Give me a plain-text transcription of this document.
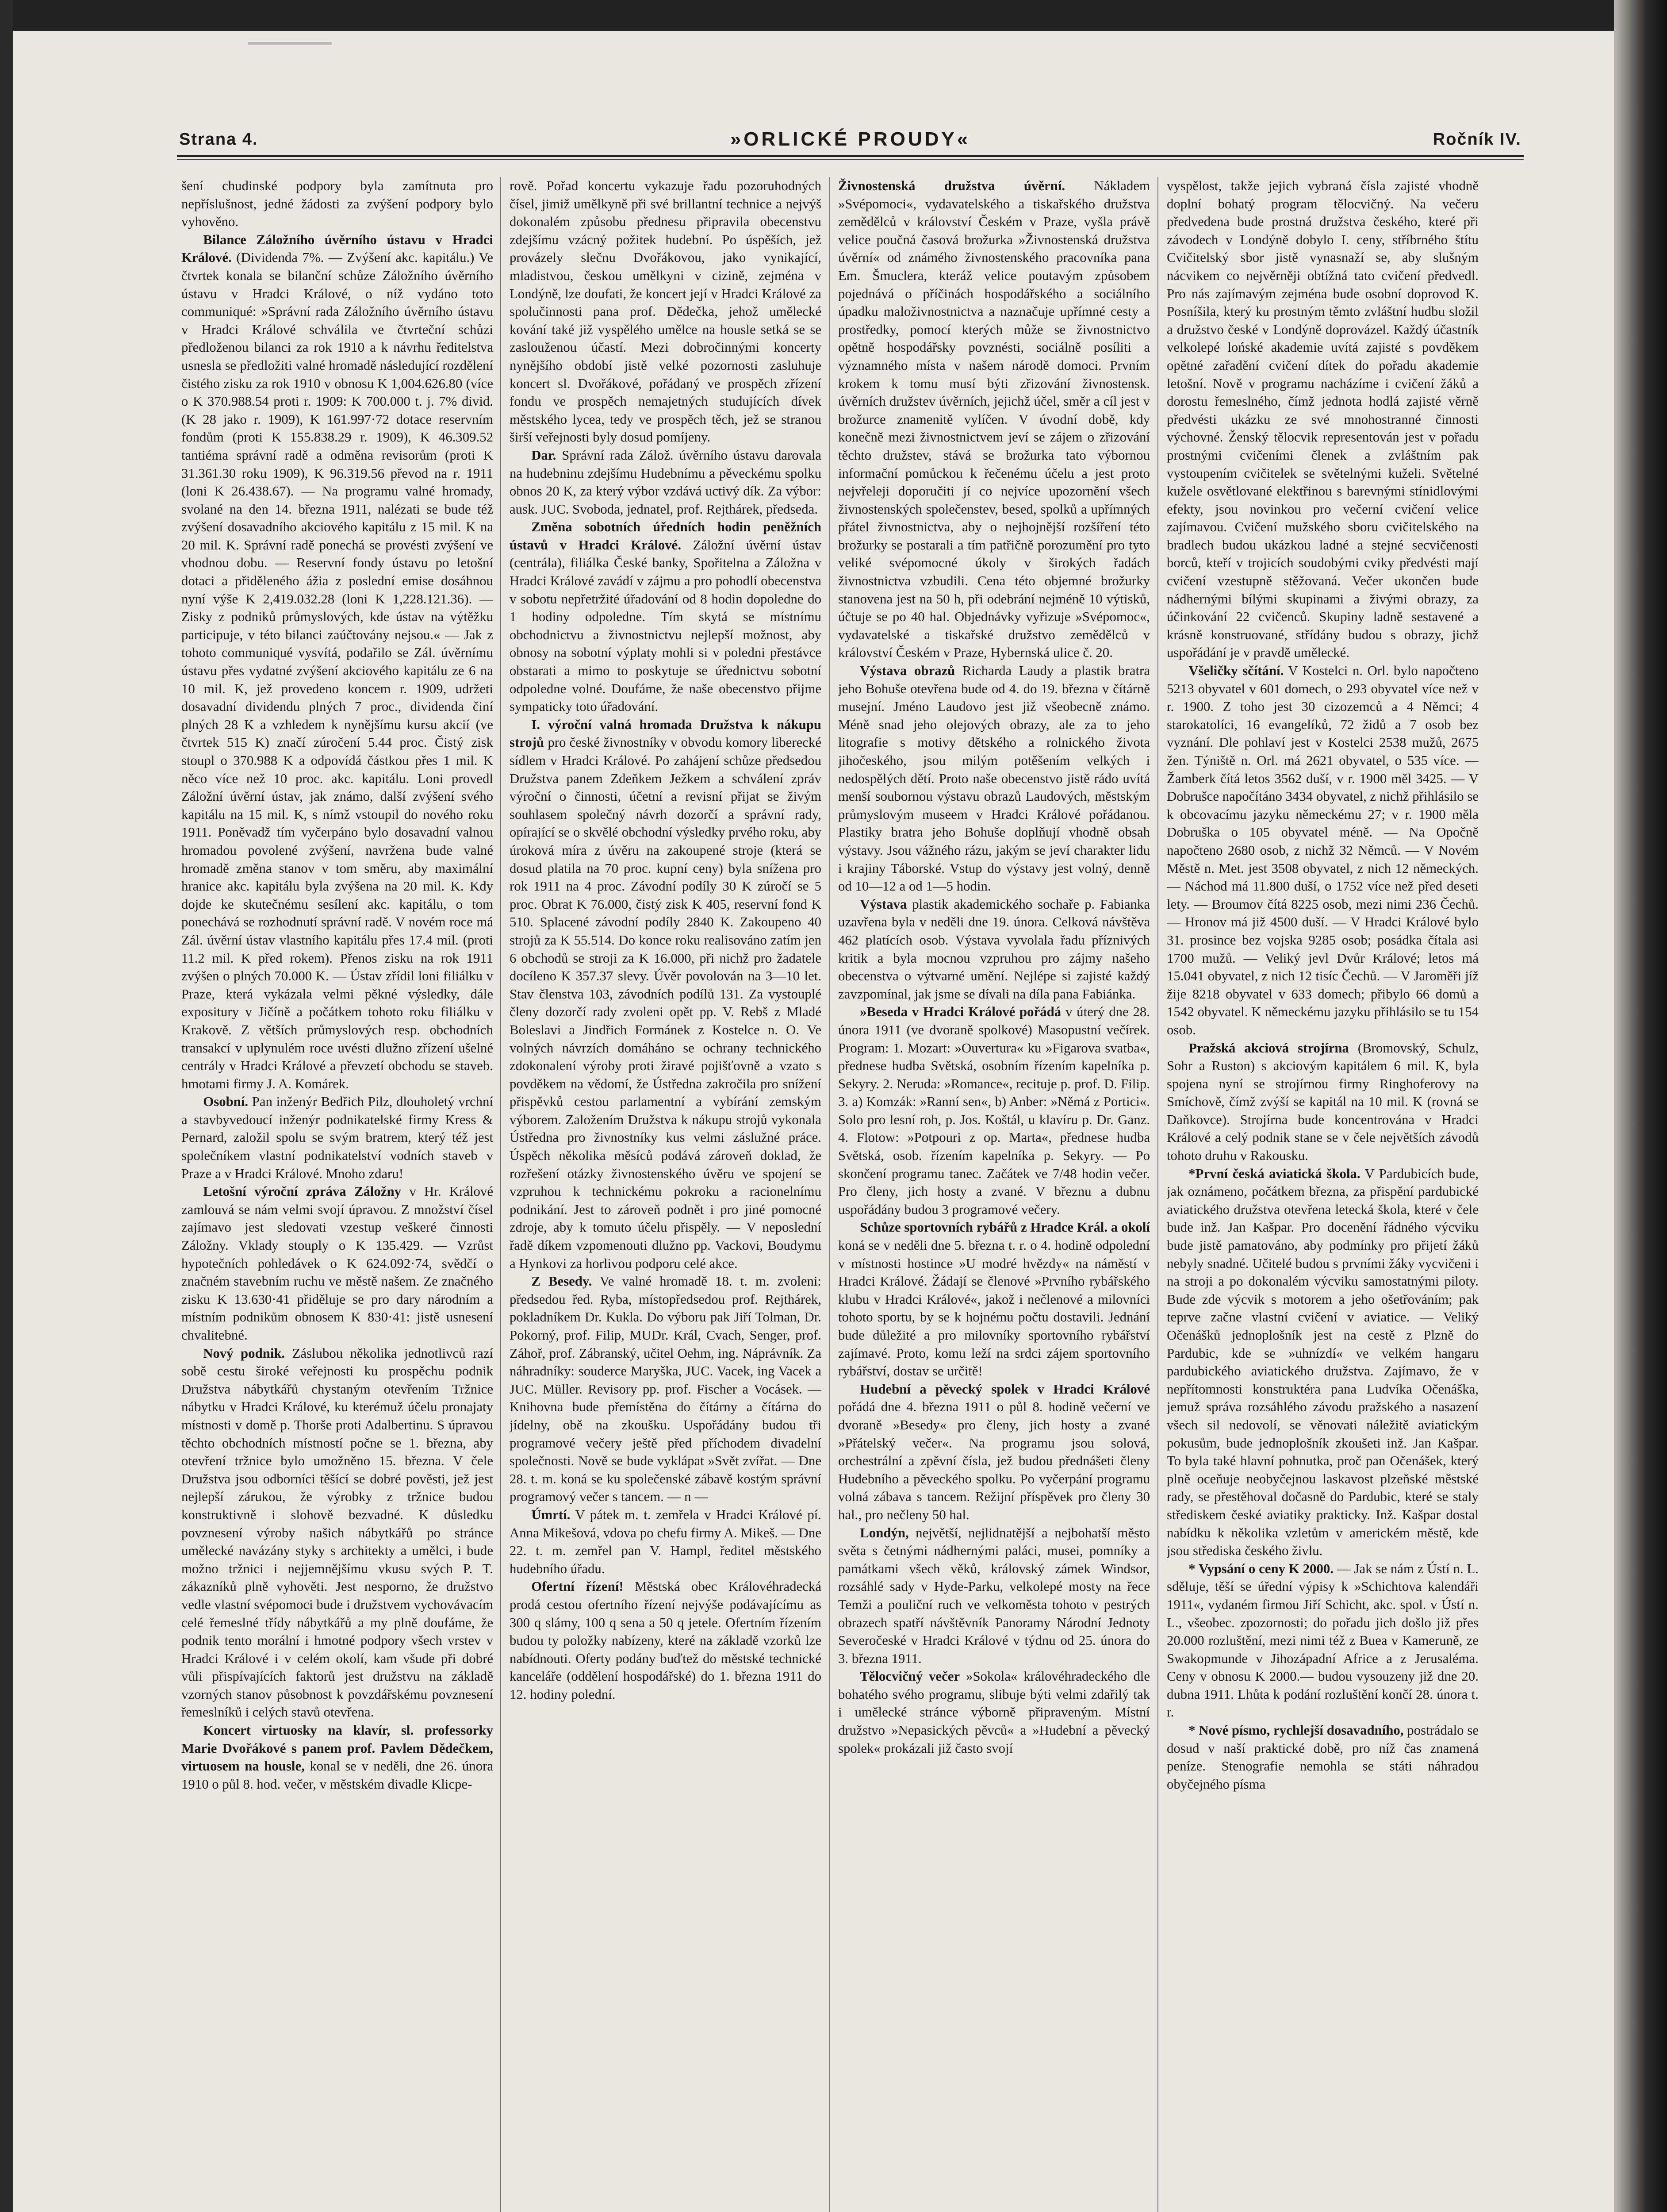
Strana 4.	»ORLICKÉ PROUDY«	Ročník IV.

šení chudinské podpory byla zamítnuta pro nepříslušnost, jedné žádosti za zvýšení podpory bylo vyhověno.

Bilance Záložního úvěrního ústavu v Hradci Králové. (Dividenda 7%. — Zvýšení akc. kapitálu.) Ve čtvrtek konala se bilanční schůze Záložního úvěrního ústavu v Hradci Králové, o níž vydáno toto communiqué: »Správní rada Záložního úvěrního ústavu v Hradci Králové schválila ve čtvrteční schůzi předloženou bilanci za rok 1910 a k návrhu ředitelstva usnesla se předložiti valné hromadě následující rozdělení čistého zisku za rok 1910 v obnosu K 1,004.626.80 (více o K 370.988.54 proti r. 1909: K 700.000 t. j. 7% divid. (K 28 jako r. 1909), K 161.997·72 dotace reservním fondům (proti K 155.838.29 r. 1909), K 46.309.52 tantiéma správní radě a odměna revisorům (proti K 31.361.30 roku 1909), K 96.319.56 převod na r. 1911 (loni K 26.438.67). — Na programu valné hromady, svolané na den 14. března 1911, nalézati se bude též zvýšení dosavadního akciového kapitálu z 15 mil. K na 20 mil. K. Správní radě ponechá se provésti zvýšení ve vhodnou dobu. — Reservní fondy ústavu po letošní dotaci a přiděleného ážia z poslední emise dosáhnou nyní výše K 2,419.032.28 (loni K 1,228.121.36). — Zisky z podniků průmyslových, kde ústav na výtěžku participuje, v této bilanci zaúčtovány nejsou.« — Jak z tohoto communiqué vysvítá, podařilo se Zál. úvěrnímu ústavu přes vydatné zvýšení akciového kapitálu ze 6 na 10 mil. K, jež provedeno koncem r. 1909, udržeti dosavadní dividendu plných 7 proc., dividenda činí plných 28 K a vzhledem k nynějšímu kursu akcií (ve čtvrtek 515 K) značí zúročení 5.44 proc. Čistý zisk stoupl o 370.988 K a odpovídá částkou přes 1 mil. K něco více než 10 proc. akc. kapitálu. Loni provedl Záložní úvěrní ústav, jak známo, další zvýšení svého kapitálu na 15 mil. K, s nímž vstoupil do nového roku 1911. Poněvadž tím vyčerpáno bylo dosavadní valnou hromadou povolené zvýšení, navržena bude valné hromadě změna stanov v tom směru, aby maximální hranice akc. kapitálu byla zvýšena na 20 mil. K. Kdy dojde ke skutečnému sesílení akc. kapitálu, o tom ponechává se rozhodnutí správní radě. V novém roce má Zál. úvěrní ústav vlastního kapitálu přes 17.4 mil. (proti 11.2 mil. K před rokem). Přenos zisku na rok 1911 zvýšen o plných 70.000 K. — Ústav zřídil loni filiálku v Praze, která vykázala velmi pěkné výsledky, dále expositury v Jičíně a počátkem tohoto roku filiálku v Krakově. Z větších průmyslových resp. obchodních transakcí v uplynulém roce uvésti dlužno zřízení ušelné centrály v Hradci Králové a převzetí obchodu se staveb. hmotami firmy J. A. Komárek.

Osobní. Pan inženýr Bedřich Pilz, dlouholetý vrchní a stavbyvedoucí inženýr podnikatelské firmy Kress & Pernard, založil spolu se svým bratrem, který též jest společníkem vlastní podnikatelství vodních staveb v Praze a v Hradci Králové. Mnoho zdaru!

Letošní výroční zpráva Záložny v Hr. Králové zamlouvá se nám velmi svojí úpravou. Z množství čísel zajímavo jest sledovati vzestup veškeré činnosti Záložny. Vklady stouply o K 135.429. — Vzrůst hypotečních pohledávek o K 624.092·74, svědčí o značném stavebním ruchu ve městě našem. Ze značného zisku K 13.630·41 přiděluje se pro dary národním a místním podnikům obnosem K 830·41: jistě usnesení chvalitebné.

Nový podnik. Záslubou několika jednotlivců razí sobě cestu široké veřejnosti ku prospěchu podnik Družstva nábytkářů chystaným otevřením Tržnice nábytku v Hradci Králové, ku kterémuž účelu pronajaty místnosti v domě p. Thorše proti Adalbertinu. S úpravou těchto obchodních místností počne se 1. března, aby otevření tržnice bylo umožněno 15. března. V čele Družstva jsou odborníci těšící se dobré pověsti, jež jest nejlepší zárukou, že výrobky z tržnice budou konstruktivně i slohově bezvadné. K důsledku povznesení výroby našich nábytkářů po stránce umělecké navázány styky s architekty a umělci, i bude možno tržnici i nejjemnějšímu vkusu svých P. T. zákazníků plně vyhověti. Jest nesporno, že družstvo vedle vlastní svépomoci bude i družstvem vychovávacím celé řemeslné třídy nábytkářů a my plně doufáme, že podnik tento morální i hmotné podpory všech vrstev v Hradci Králové i v celém okolí, kam všude při dobré vůli přispívajících faktorů jest družstvu na základě vzorných stanov působnost k povzdářskému povznesení řemeslníků i celých stavů otevřena.

Koncert virtuosky na klavír, sl. professorky Marie Dvořákové s panem prof. Pavlem Dědečkem, virtuosem na housle, konal se v neděli, dne 26. února 1910 o půl 8. hod. večer, v městském divadle Klicpe-

rově. Pořad koncertu vykazuje řadu pozoruhodných čísel, jimiž umělkyně při své brillantní technice a nejvýš dokonalém způsobu přednesu připravila obecenstvu zdejšímu vzácný požitek hudební. Po úspěších, jež provázely slečnu Dvořákovou, jako vynikající, mladistvou, českou umělkyni v cizině, zejména v Londýně, lze doufati, že koncert její v Hradci Králové za spolučinnosti pana prof. Dědečka, jehož umělecké kování také již vyspělého umělce na housle setká se se zaslouženou účastí. Mezi dobročinnými koncerty nynějšího období jistě velké pozornosti zasluhuje koncert sl. Dvořákové, pořádaný ve prospěch zřízení fondu ve prospěch nemajetných studujících dívek městského lycea, tedy ve prospěch těch, jež se stranou širší veřejnosti byly dosud pomíjeny.

Dar. Správní rada Zálož. úvěrního ústavu darovala na hudebninu zdejšímu Hudebnímu a pěveckému spolku obnos 20 K, za který výbor vzdává uctivý dík. Za výbor: ausk. JUC. Svoboda, jednatel, prof. Rejthárek, předseda.

Změna sobotních úředních hodin peněžních ústavů v Hradci Králové. Záložní úvěrní ústav (centrála), filiálka České banky, Spořitelna a Záložna v Hradci Králové zavádí v zájmu a pro pohodlí obecenstva v sobotu nepřetržité úřadování od 8 hodin dopoledne do 1 hodiny odpoledne. Tím skytá se místnímu obchodnictvu a živnostnictvu nejlepší možnost, aby obnosy na sobotní výplaty mohli si v poledni přestávce obstarati a mimo to poskytuje se úřednictvu sobotní odpoledne volné. Doufáme, že naše obecenstvo přijme sympaticky toto úřadování.

I. výroční valná hromada Družstva k nákupu strojů pro české živnostníky v obvodu komory liberecké sídlem v Hradci Králové. Po zahájení schůze předsedou Družstva panem Zdeňkem Ježkem a schválení zpráv výroční o činnosti, účetní a revisní přijat se živým souhlasem společný návrh dozorčí a správní rady, opírající se o skvělé obchodní výsledky prvého roku, aby úroková míra z úvěru na zakoupené stroje (která se dosud platila na 70 proc. kupní ceny) byla snížena pro rok 1911 na 4 proc. Závodní podíly 30 K zúročí se 5 proc. Obrat K 76.000, čistý zisk K 405, reservní fond K 510. Splacené závodní podíly 2840 K. Zakoupeno 40 strojů za K 55.514. Do konce roku realisováno zatím jen 6 obchodů se stroji za K 16.000, při nichž pro žadatele docíleno K 357.37 slevy. Úvěr povolován na 3—10 let. Stav členstva 103, závodních podílů 131. Za vystouplé členy dozorčí rady zvoleni opět pp. V. Rebš z Mladé Boleslavi a Jindřich Formánek z Kostelce n. O. Ve volných návrzích domáháno se ochrany technického zdokonalení výroby proti žiravé pojišťovně a vzato s povděkem na vědomí, že Ústředna zakročila pro snížení přispěvků cestou parlamentní a vybírání zemským výborem. Založením Družstva k nákupu strojů vykonala Ústředna pro živnostníky kus velmi záslužné práce. Úspěch několika měsíců podává zároveň doklad, že rozřešení otázky živnostenského úvěru ve spojení se vzpruhou k technickému pokroku a racionelnímu podnikání. Jest to zároveň podnět i pro jiné pomocné zdroje, aby k tomuto účelu přispěly. — V neposlední řadě díkem vzpomenouti dlužno pp. Vackovi, Boudymu a Hynkovi za horlivou podporu celé akce.

Z Besedy. Ve valné hromadě 18. t. m. zvoleni: předsedou řed. Ryba, místopředsedou prof. Rejthárek, pokladníkem Dr. Kukla. Do výboru pak Jiří Tolman, Dr. Pokorný, prof. Filip, MUDr. Král, Cvach, Senger, prof. Záhoř, prof. Zábranský, učitel Oehm, ing. Náprávník. Za náhradníky: souderce Maryška, JUC. Vacek, ing Vacek a JUC. Müller. Revisory pp. prof. Fischer a Vocásek. — Knihovna bude přemístěna do čítárny a čítárna do jídelny, obě na zkoušku. Uspořádány budou tři programové večery ještě před příchodem divadelní společnosti. Nově se bude vyklápat »Svět zvířat. — Dne 28. t. m. koná se ku společenské zábavě kostým správní programový večer s tancem. — n —

Úmrtí. V pátek m. t. zemřela v Hradci Králové pí. Anna Mikešová, vdova po chefu firmy A. Mikeš. — Dne 22. t. m. zemřel pan V. Hampl, ředitel městského hudebního úřadu.

Ofertní řízení! Městská obec Královéhradecká prodá cestou ofertního řízení nejvýše podávajícímu as 300 q slámy, 100 q sena a 50 q jetele. Ofertním řízením budou ty položky nabízeny, které na základě vzorků lze nabídnouti. Oferty podány buďtež do městské technické kanceláře (oddělení hospodářské) do 1. března 1911 do 12. hodiny polední.

Živnostenská družstva úvěrní. Nákladem »Svépomoci«, vydavatelského a tiskařského družstva zemědělců v království Českém v Praze, vyšla právě velice poučná časová brožurka »Živnostenská družstva úvěrní« od známého živnostenského pracovníka pana Em. Šmuclera, kteráž velice poutavým způsobem pojednává o příčinách hospodářského a sociálního úpadku maloživnostnictva a naznačuje upřímné cesty a prostředky, pomocí kterých může se živnostnictvo opětně hospodářsky povznésti, sociálně posíliti a významného místa v našem národě domoci. Prvním krokem k tomu musí býti zřizování živnostensk. úvěrních družstev úvěrních, jejichž účel, směr a cíl jest v brožurce znamenitě vylíčen. V úvodní době, kdy konečně mezi živnostnictvem jeví se zájem o zřizování těchto družstev, stává se brožurka tato výbornou informační pomůckou k řečenému účelu a jest proto nejvřeleji doporučiti jí co nejvíce upozornění všech živnostenských společenstev, besed, spolků a upřímných přátel živnostnictva, aby o nejhojnější rozšíření této brožurky se postarali a tím patřičně porozumění pro tyto veliké svépomocné úkoly v širokých řadách živnostnictva vzbudili. Cena této objemné brožurky stanovena jest na 50 h, při odebrání nejméně 10 výtisků, účtuje se po 40 hal. Objednávky vyřizuje »Svépomoc«, vydavatelské a tiskařské družstvo zemědělců v království Českém v Praze, Hybernská ulice č. 20.

Výstava obrazů Richarda Laudy a plastik bratra jeho Bohuše otevřena bude od 4. do 19. března v čítárně musejní. Jméno Laudovo jest již všeobecně známo. Méně snad jeho olejových obrazy, ale za to jeho litografie s motivy dětského a rolnického života jihočeského, jsou milým potěšením velkých i nedospělých dětí. Proto naše obecenstvo jistě rádo uvítá menší soubornou výstavu obrazů Laudových, městským průmyslovým museem v Hradci Králové pořádanou. Plastiky bratra jeho Bohuše doplňují vhodně obsah výstavy. Jsou vážného rázu, jakým se jeví charakter lidu i krajiny Táborské. Vstup do výstavy jest volný, denně od 10—12 a od 1—5 hodin.

Výstava plastik akademického sochaře p. Fabianka uzavřena byla v neděli dne 19. února. Celková návštěva 462 platících osob. Výstava vyvolala řadu příznivých kritik a byla mocnou vzpruhou pro zájmy našeho obecenstva o výtvarné umění. Nejlépe si zajisté každý zavzpomínal, jak jsme se dívali na díla pana Fabiánka.

»Beseda v Hradci Králové pořádá v úterý dne 28. února 1911 (ve dvoraně spolkové) Masopustní večírek. Program: 1. Mozart: »Ouvertura« ku »Figarova svatba«, přednese hudba Světská, osobním řízením kapelníka p. Sekyry. 2. Neruda: »Romance«, recituje p. prof. D. Filip. 3. a) Komzák: »Ranní sen«, b) Anber: »Němá z Portici«. Solo pro lesní roh, p. Jos. Koštál, u klavíru p. Dr. Ganz. 4. Flotow: »Potpouri z op. Marta«, přednese hudba Světská, osob. řízením kapelníka p. Sekyry. — Po skončení programu tanec. Začátek ve 7/48 hodin večer. Pro členy, jich hosty a zvané. V březnu a dubnu uspořádány budou 3 programové večery.

Schůze sportovních rybářů z Hradce Král. a okolí koná se v neděli dne 5. března t. r. o 4. hodině odpolední v místnosti hostince »U modré hvězdy« na náměstí v Hradci Králové. Žádají se členové »Prvního rybářského klubu v Hradci Králové«, jakož i nečlenové a milovníci tohoto sportu, by se k hojnému počtu dostavili. Jednání bude důležité a pro milovníky sportovního rybářství zajímavé. Proto, komu leží na srdci zájem sportovního rybářství, dostav se určitě!

Hudební a pěvecký spolek v Hradci Králové pořádá dne 4. března 1911 o půl 8. hodině večerní ve dvoraně »Besedy« pro členy, jich hosty a zvané »Přátelský večer«. Na programu jsou solová, orchestrální a zpěvní čísla, jež budou přednášeti členy Hudebního a pěveckého spolku. Po vyčerpání programu volná zábava s tancem. Režijní příspěvek pro členy 30 hal., pro nečleny 50 hal.

Londýn, největší, nejlidnatější a nejbohatší město světa s četnými nádhernými paláci, musei, pomníky a památkami všech věků, královský zámek Windsor, rozsáhlé sady v Hyde-Parku, velkolepé mosty na řece Temži a pouliční ruch ve velkoměsta tohoto v pestrých obrazech spatří návštěvník Panoramy Národní Jednoty Severočeské v Hradci Králové v týdnu od 25. února do 3. března 1911.

Tělocvičný večer »Sokola« královéhradeckého dle bohatého svého programu, slibuje býti velmi zdařilý tak i umělecké stránce výborně připraveným. Místní družstvo »Nepasických pěvců« a »Hudební a pěvecký spolek« prokázali již často svojí

vyspělost, takže jejich vybraná čísla zajisté vhodně doplní bohatý program tělocvičný. Na večeru předvedena bude prostná družstva českého, které při závodech v Londýně dobylo I. ceny, stříbrného štítu Cvičitelský sbor jistě vynasnaží se, aby slušným nácvikem co nejvěrněji obtížná tato cvičení předvedl. Pro nás zajímavým zejména bude osobní doprovod K. Posníšila, který ku prostným těmto zvláštní hudbu složil a družstvo české v Londýně doprovázel. Každý účastník velkolepé lońské akademie uvítá zajisté s povděkem opětné zařadění cvičení dítek do pořadu akademie letošní. Nově v programu nacházíme i cvičení žáků a dorostu řemeslného, čímž jednota hodlá zajisté věrně předvésti ukázku ze své mnohostranné činnosti výchovné. Ženský tělocvik representován jest v pořadu prostnými cvičeními členek a zvláštním pak vystoupením cvičitelek se světelnými kuželi. Světelné kužele osvětlované elektřinou s barevnými stínidlovými efekty, jsou novinkou pro večerní cvičení velice zajímavou. Cvičení mužského sboru cvičitelského na bradlech budou ukázkou ladné a stejné secvičenosti borců, kteří v trojicích soudobými cviky předvésti mají cvičení vzestupně stěžovaná. Večer ukončen bude nádhernými bílými skupinami a živými obrazy, za účinkování 22 cvičenců. Skupiny ladně sestavené a krásně konstruované, střídány budou s obrazy, jichž uspořádání je v pravdě umělecké.

Všeličky sčítání. V Kostelci n. Orl. bylo napočteno 5213 obyvatel v 601 domech, o 293 obyvatel více než v r. 1900. Z toho jest 30 cizozemců a 4 Němci; 4 starokatolíci, 16 evangelíků, 72 židů a 7 osob bez vyznání. Dle pohlaví jest v Kostelci 2538 mužů, 2675 žen. Týniště n. Orl. má 2621 obyvatel, o 535 více. — Žamberk čítá letos 3562 duší, v r. 1900 měl 3425. — V Dobrušce napočítáno 3434 obyvatel, z nichž přihlásilo se k obcovacímu jazyku německému 27; v r. 1900 měla Dobruška o 105 obyvatel méně. — Na Opočně napočteno 2680 osob, z nichž 32 Němců. — V Novém Městě n. Met. jest 3508 obyvatel, z nich 12 německých. — Náchod má 11.800 duší, o 1752 více než před deseti lety. — Broumov čítá 8225 osob, mezi nimi 236 Čechů. — Hronov má již 4500 duší. — V Hradci Králové bylo 31. prosince bez vojska 9285 osob; posádka čítala asi 1700 mužů. — Veliký jevl Dvůr Králové; letos má 15.041 obyvatel, z nich 12 tisíc Čechů. — V Jaroměři jíž žije 8218 obyvatel v 633 domech; přibylo 66 domů a 1542 obyvatel. K německému jazyku přihlásilo se tu 154 osob.

Pražská akciová strojírna (Bromovský, Schulz, Sohr a Ruston) s akciovým kapitálem 6 mil. K, byla spojena nyní se strojírnou firmy Ringhoferovy na Smíchově, čímž zvýší se kapitál na 10 mil. K (rovná se Daňkovce). Strojírna bude koncentrována v Hradci Králové a celý podnik stane se v čele největších závodů tohoto druhu v Rakousku.

*První česká aviatická škola. V Pardubicích bude, jak oznámeno, počátkem března, za přispění pardubické aviatického družstva otevřena letecká škola, které v čele bude inž. Jan Kašpar. Pro docenění řádného výcviku bude jistě pamatováno, aby podmínky pro přijetí žáků nebyly snadné. Učitelé budou s prvními žáky vycvičeni i na stroji a po dokonalém výcviku samostatnými piloty. Bude zde výcvik s motorem a jeho ošetřováním; pak teprve začne vlastní cvičení v aviatice. — Veliký Očenášků jednoplošník jest na cestě z Plzně do Pardubic, kde se »uhnízdí« ve velkém hangaru pardubického aviatického družstva. Zajímavo, že v nepřítomnosti konstruktéra pana Ludvíka Očenáška, jemuž správa rozsáhlého závodu pražského a nasazení všech sil nedovolí, se věnovati náležitě aviatickým pokusům, bude jednoplošník zkoušeti inž. Jan Kašpar. To byla také hlavní pohnutka, proč pan Očenášek, který plně oceňuje neobyčejnou laskavost plzeňské městské rady, se přestěhoval dočasně do Pardubic, které se staly střediskem české aviatiky prakticky. Inž. Kašpar dostal nabídku k několika vzletům v americkém městě, kde jsou střediska českého živlu.

* Vypsání o ceny K 2000. — Jak se nám z Ústí n. L. sděluje, těší se úřední výpisy k »Schichtova kalendáři 1911«, vydaném firmou Jiří Schicht, akc. spol. v Ústí n. L., všeobec. zpozornosti; do pořadu jich došlo již přes 20.000 rozluštění, mezi nimi též z Buea v Kameruně, ze Swakopmunde v Jihozápadní Africe a z Jerusaléma. Ceny v obnosu K 2000.— budou vysouzeny již dne 20. dubna 1911. Lhůta k podání rozluštění končí 28. února t. r.

* Nové písmo, rychlejší dosavadního, postrádalo se dosud v naší praktické době, pro níž čas znamená peníze. Stenografie nemohla se státi náhradou obyčejného písma
